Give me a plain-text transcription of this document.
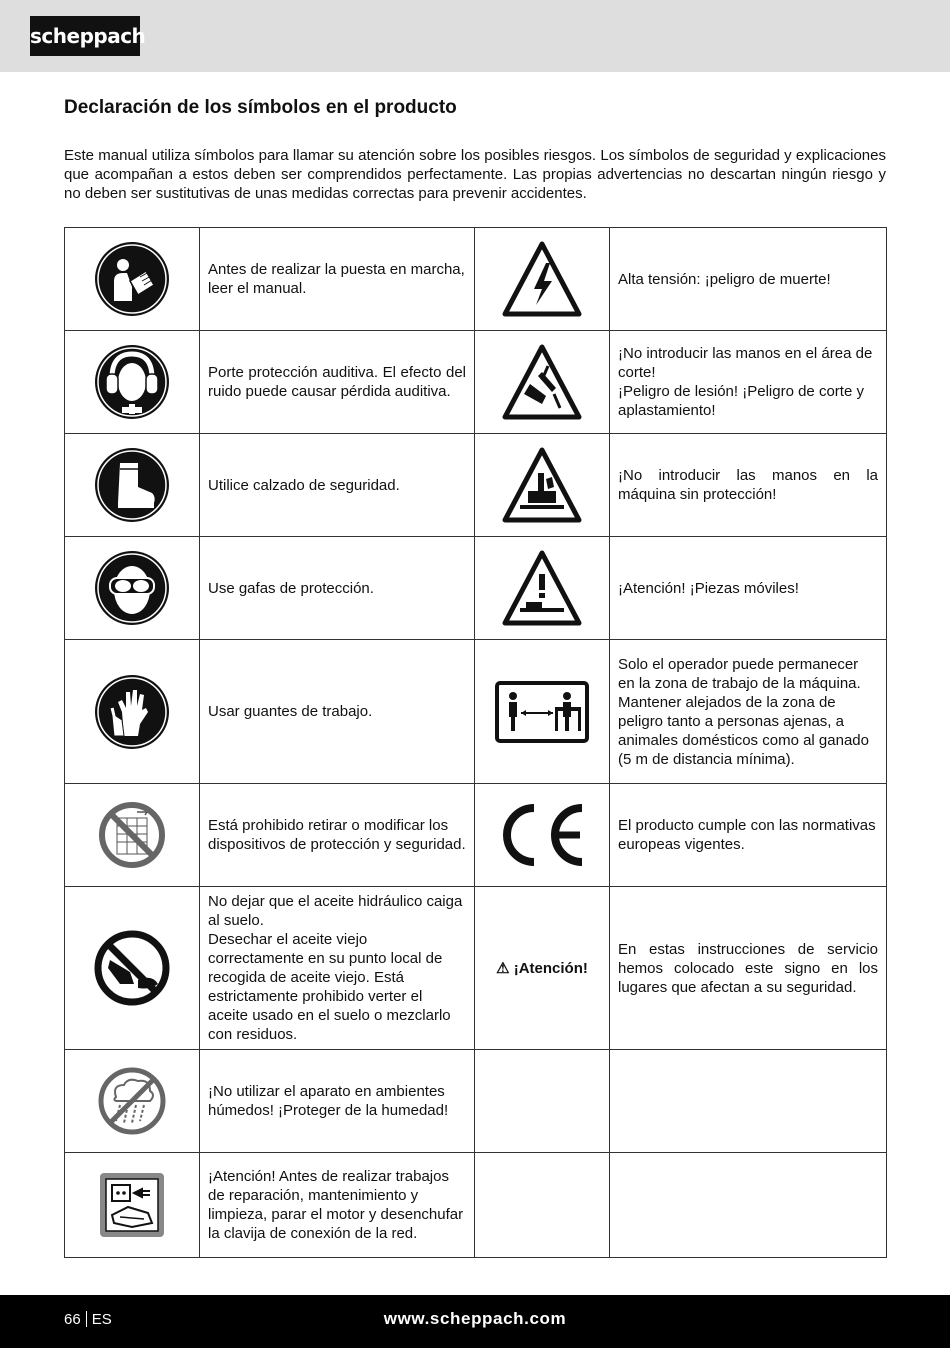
scheppach
Declaración de los símbolos en el producto

Este manual utiliza símbolos para llamar su atención sobre los posibles riesgos. Los símbolos de seguridad y explicaciones que acompañan a estos deben ser comprendidos perfectamente. Las propias advertencias no descartan ningún riesgo y no deben ser sustitutivas de unas medidas correctas para prevenir accidentes.

Antes de realizar la puesta en marcha, leer el manual.		Alta tensión: ¡peligro de muerte!

Porte protección auditiva. El efecto del ruido puede causar pérdida auditiva.		¡No introducir las manos en el área de corte!
¡Peligro de lesión! ¡Peligro de corte y aplastamiento!

Utilice calzado de seguridad.		¡No introducir las manos en la máquina sin protección!

Use gafas de protección.		¡Atención! ¡Piezas móviles!

Usar guantes de trabajo.		Solo el operador puede permanecer en la zona de trabajo de la máquina. Mantener alejados de la zona de peligro tanto a personas ajenas, a animales domésticos como al ganado (5 m de distancia mínima).

Está prohibido retirar o modificar los dispositivos de protección y seguridad.		El producto cumple con las normativas europeas vigentes.

No dejar que el aceite hidráulico caiga al suelo.
Desechar el aceite viejo correctamente en su punto local de recogida de aceite viejo. Está estrictamente prohibido verter el aceite usado en el suelo o mezclarlo con residuos.	⚠ ¡Atención!	En estas instrucciones de servicio hemos colocado este signo en los lugares que afectan a su seguridad.

¡No utilizar el aparato en ambientes húmedos! ¡Proteger de la humedad!		

¡Atención! Antes de realizar trabajos de reparación, mantenimiento y limpieza, parar el motor y desenchufar la clavija de conexión de la red.		

66 ES	www.scheppach.com
